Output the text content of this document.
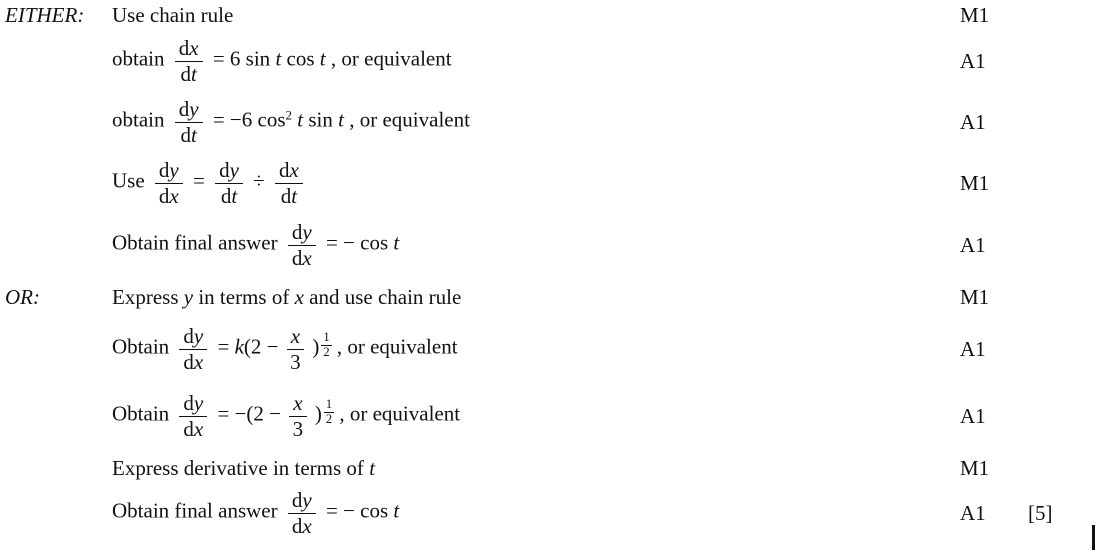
EITHER:	Use chain rule	M1
obtain $\frac{dx}{dt} = 6$ sin t cos t , or equivalent	A1
obtain $\frac{dy}{dt} = -6$ $\cos^2 t$ sin t , or equivalent	A1
Use $\frac{dy}{dx} = \frac{dy}{dt} \div \frac{dx}{dt}$	M1
Obtain final answer $\frac{dy}{dx}$ = − cos t	A1
OR:	Express y in terms of x and use chain rule	M1
Obtain $\frac{dy}{dx} = k(2 - \frac{x}{3}$ ) $\frac{1}{2}$ , or equivalent	A1
Obtain $\frac{dy}{dx} = -(2 - \frac{x}{3}$ ) $\frac{1}{2}$ , or equivalent	A1
Express derivative in terms of t	M1
Obtain final answer $\frac{dy}{dx}$ = − cos t	A1	[5]
